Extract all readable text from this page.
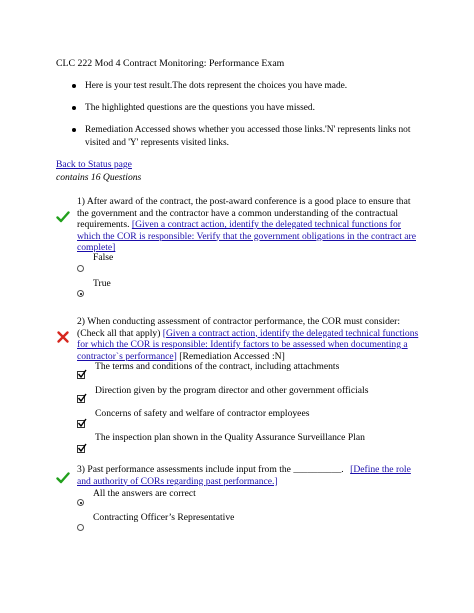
CLC 222 Mod 4 Contract Monitoring: Performance Exam
Here is your test result.The dots represent the choices you have made.
The highlighted questions are the questions you have missed.
Remediation Accessed shows whether you accessed those links.'N' represents links not visited and 'Y' represents visited links.
Back to Status page
contains 16 Questions
1) After award of the contract, the post-award conference is a good place to ensure that the government and the contractor have a common understanding of the contractual requirements. [Given a contract action, identify the delegated technical functions for which the COR is responsible: Verify that the government obligations in the contract are complete]
False
True
2) When conducting assessment of contractor performance, the COR must consider: (Check all that apply) [Given a contract action, identify the delegated technical functions for which the COR is responsible: Identify factors to be assessed when documenting a contractor`s performance] [Remediation Accessed :N]
The terms and conditions of the contract, including attachments
Direction given by the program director and other government officials
Concerns of safety and welfare of contractor employees
The inspection plan shown in the Quality Assurance Surveillance Plan
3) Past performance assessments include input from the __________. [Define the role and authority of CORs regarding past performance.]
All the answers are correct
Contracting Officer’s Representative
